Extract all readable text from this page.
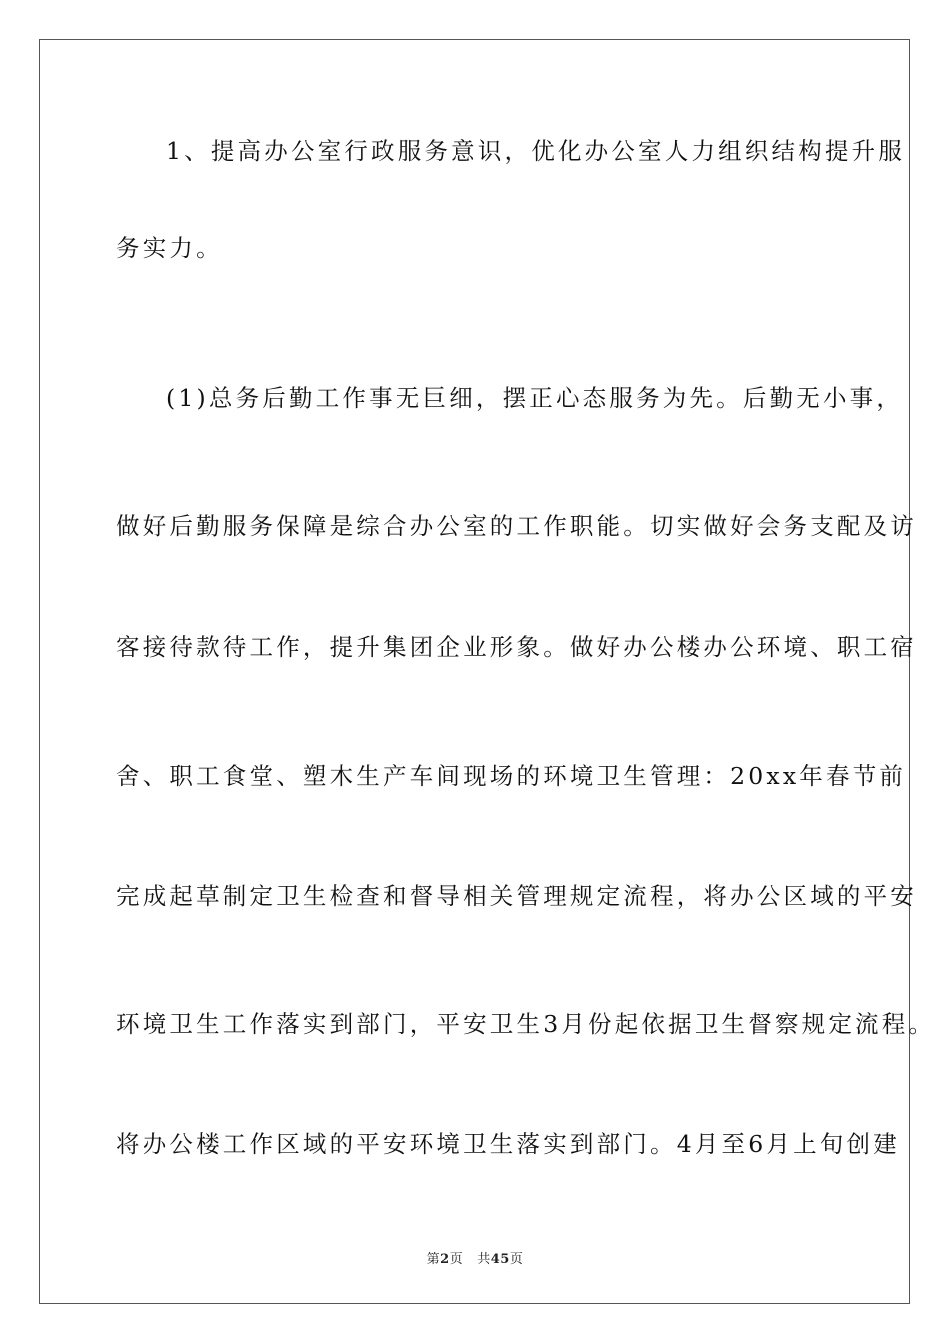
1、提高办公室行政服务意识，优化办公室人力组织结构提升服
务实力。
(1)总务后勤工作事无巨细，摆正心态服务为先。后勤无小事，
做好后勤服务保障是综合办公室的工作职能。切实做好会务支配及访
客接待款待工作，提升集团企业形象。做好办公楼办公环境、职工宿
舍、职工食堂、塑木生产车间现场的环境卫生管理：20xx年春节前
完成起草制定卫生检查和督导相关管理规定流程，将办公区域的平安
环境卫生工作落实到部门，平安卫生3月份起依据卫生督察规定流程。
将办公楼工作区域的平安环境卫生落实到部门。4月至6月上旬创建
第2页 共45页
